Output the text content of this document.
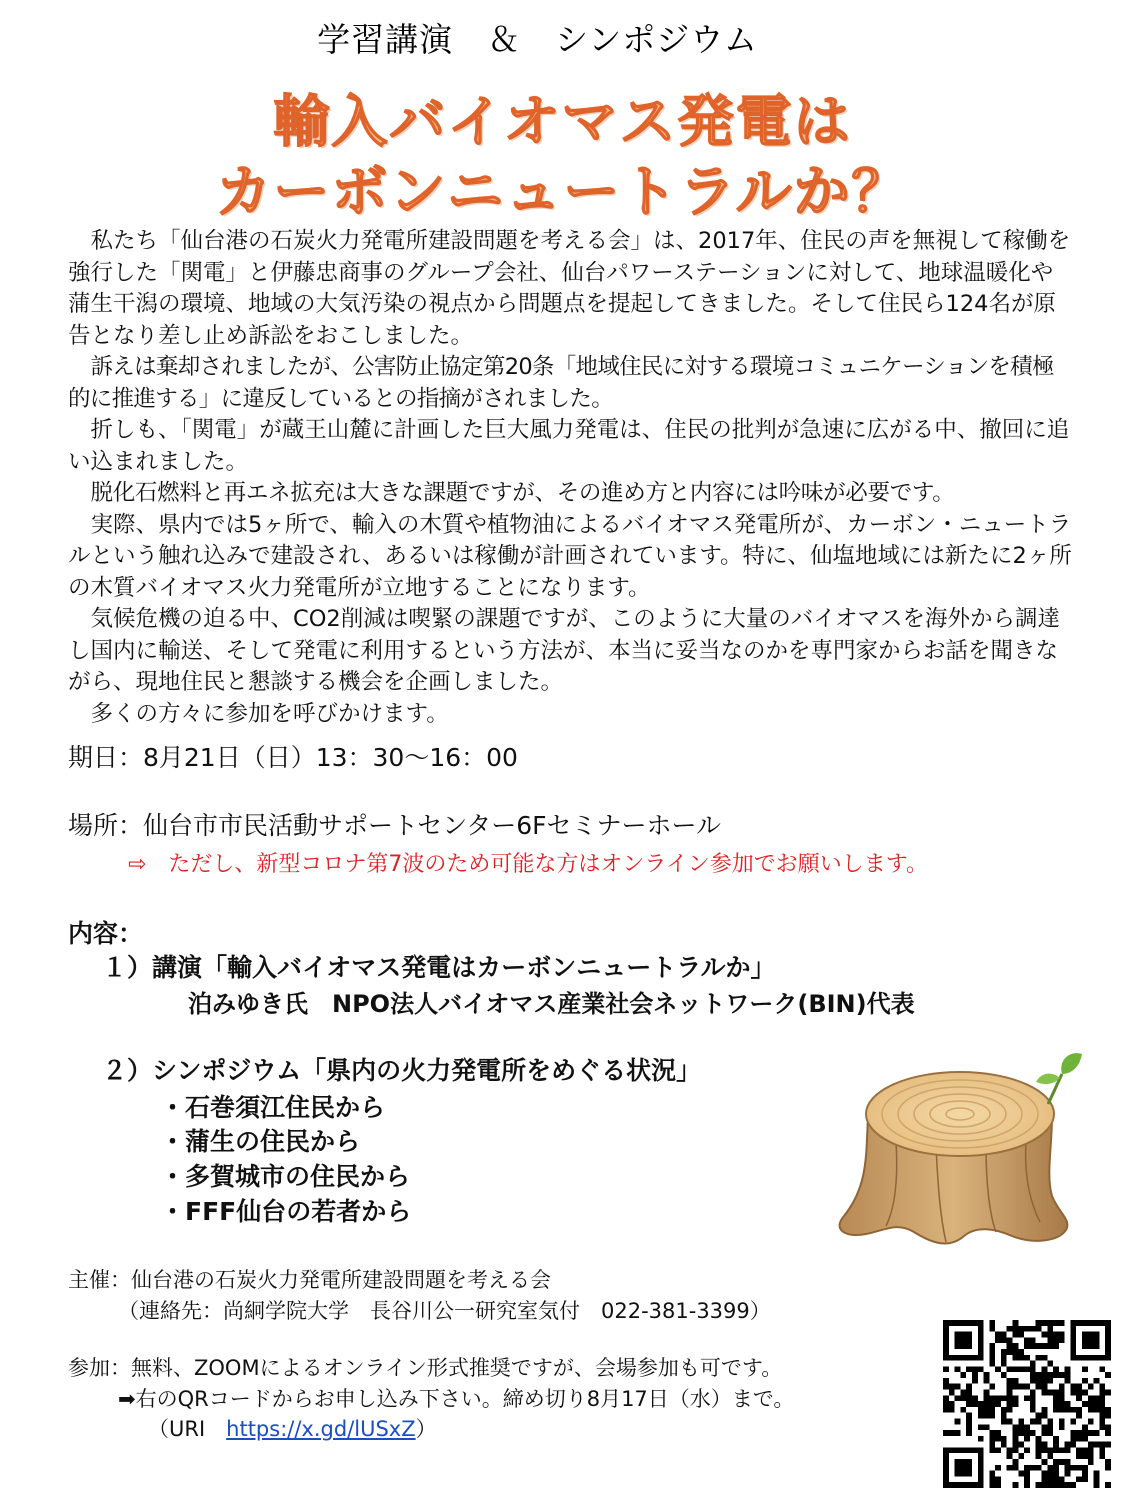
学習講演　＆　シンポジウム
輸入バイオマス発電は
カーボンニュートラルか？

私たち「仙台港の石炭火力発電所建設問題を考える会」は、2017年、住民の声を無視して稼働を強行した「関電」と伊藤忠商事のグループ会社、仙台パワーステーションに対して、地球温暖化や蒲生干潟の環境、地域の大気汚染の視点から問題点を提起してきました。そして住民ら124名が原告となり差し止め訴訟をおこしました。

訴えは棄却されましたが、公害防止協定第20条「地域住民に対する環境コミュニケーションを積極的に推進する」に違反しているとの指摘がされました。

折しも、「関電」が蔵王山麓に計画した巨大風力発電は、住民の批判が急速に広がる中、撤回に追い込まれました。

脱化石燃料と再エネ拡充は大きな課題ですが、その進め方と内容には吟味が必要です。

実際、県内では5ヶ所で、輸入の木質や植物油によるバイオマス発電所が、カーボン・ニュートラルという触れ込みで建設され、あるいは稼働が計画されています。特に、仙塩地域には新たに2ヶ所の木質バイオマス火力発電所が立地することになります。

気候危機の迫る中、CO2削減は喫緊の課題ですが、このように大量のバイオマスを海外から調達し国内に輸送、そして発電に利用するという方法が、本当に妥当なのかを専門家からお話を聞きながら、現地住民と懇談する機会を企画しました。

多くの方々に参加を呼びかけます。

期日：8月21日（日）13：30～16：00
場所：仙台市市民活動サポートセンター6Fセミナーホール
⇨　ただし、新型コロナ第7波のため可能な方はオンライン参加でお願いします。
内容：
１）講演「輸入バイオマス発電はカーボンニュートラルか」
泊みゆき氏　NPO法人バイオマス産業社会ネットワーク(BIN)代表
２）シンポジウム「県内の火力発電所をめぐる状況」
・石巻須江住民から
・蒲生の住民から
・多賀城市の住民から
・FFF仙台の若者から
主催：仙台港の石炭火力発電所建設問題を考える会
（連絡先：尚絅学院大学　長谷川公一研究室気付　022-381-3399）
参加：無料、ZOOMによるオンライン形式推奨ですが、会場参加も可です。
➡右のQRコードからお申し込み下さい。締め切り8月17日（水）まで。
（URI　https://x.gd/lUSxZ）
